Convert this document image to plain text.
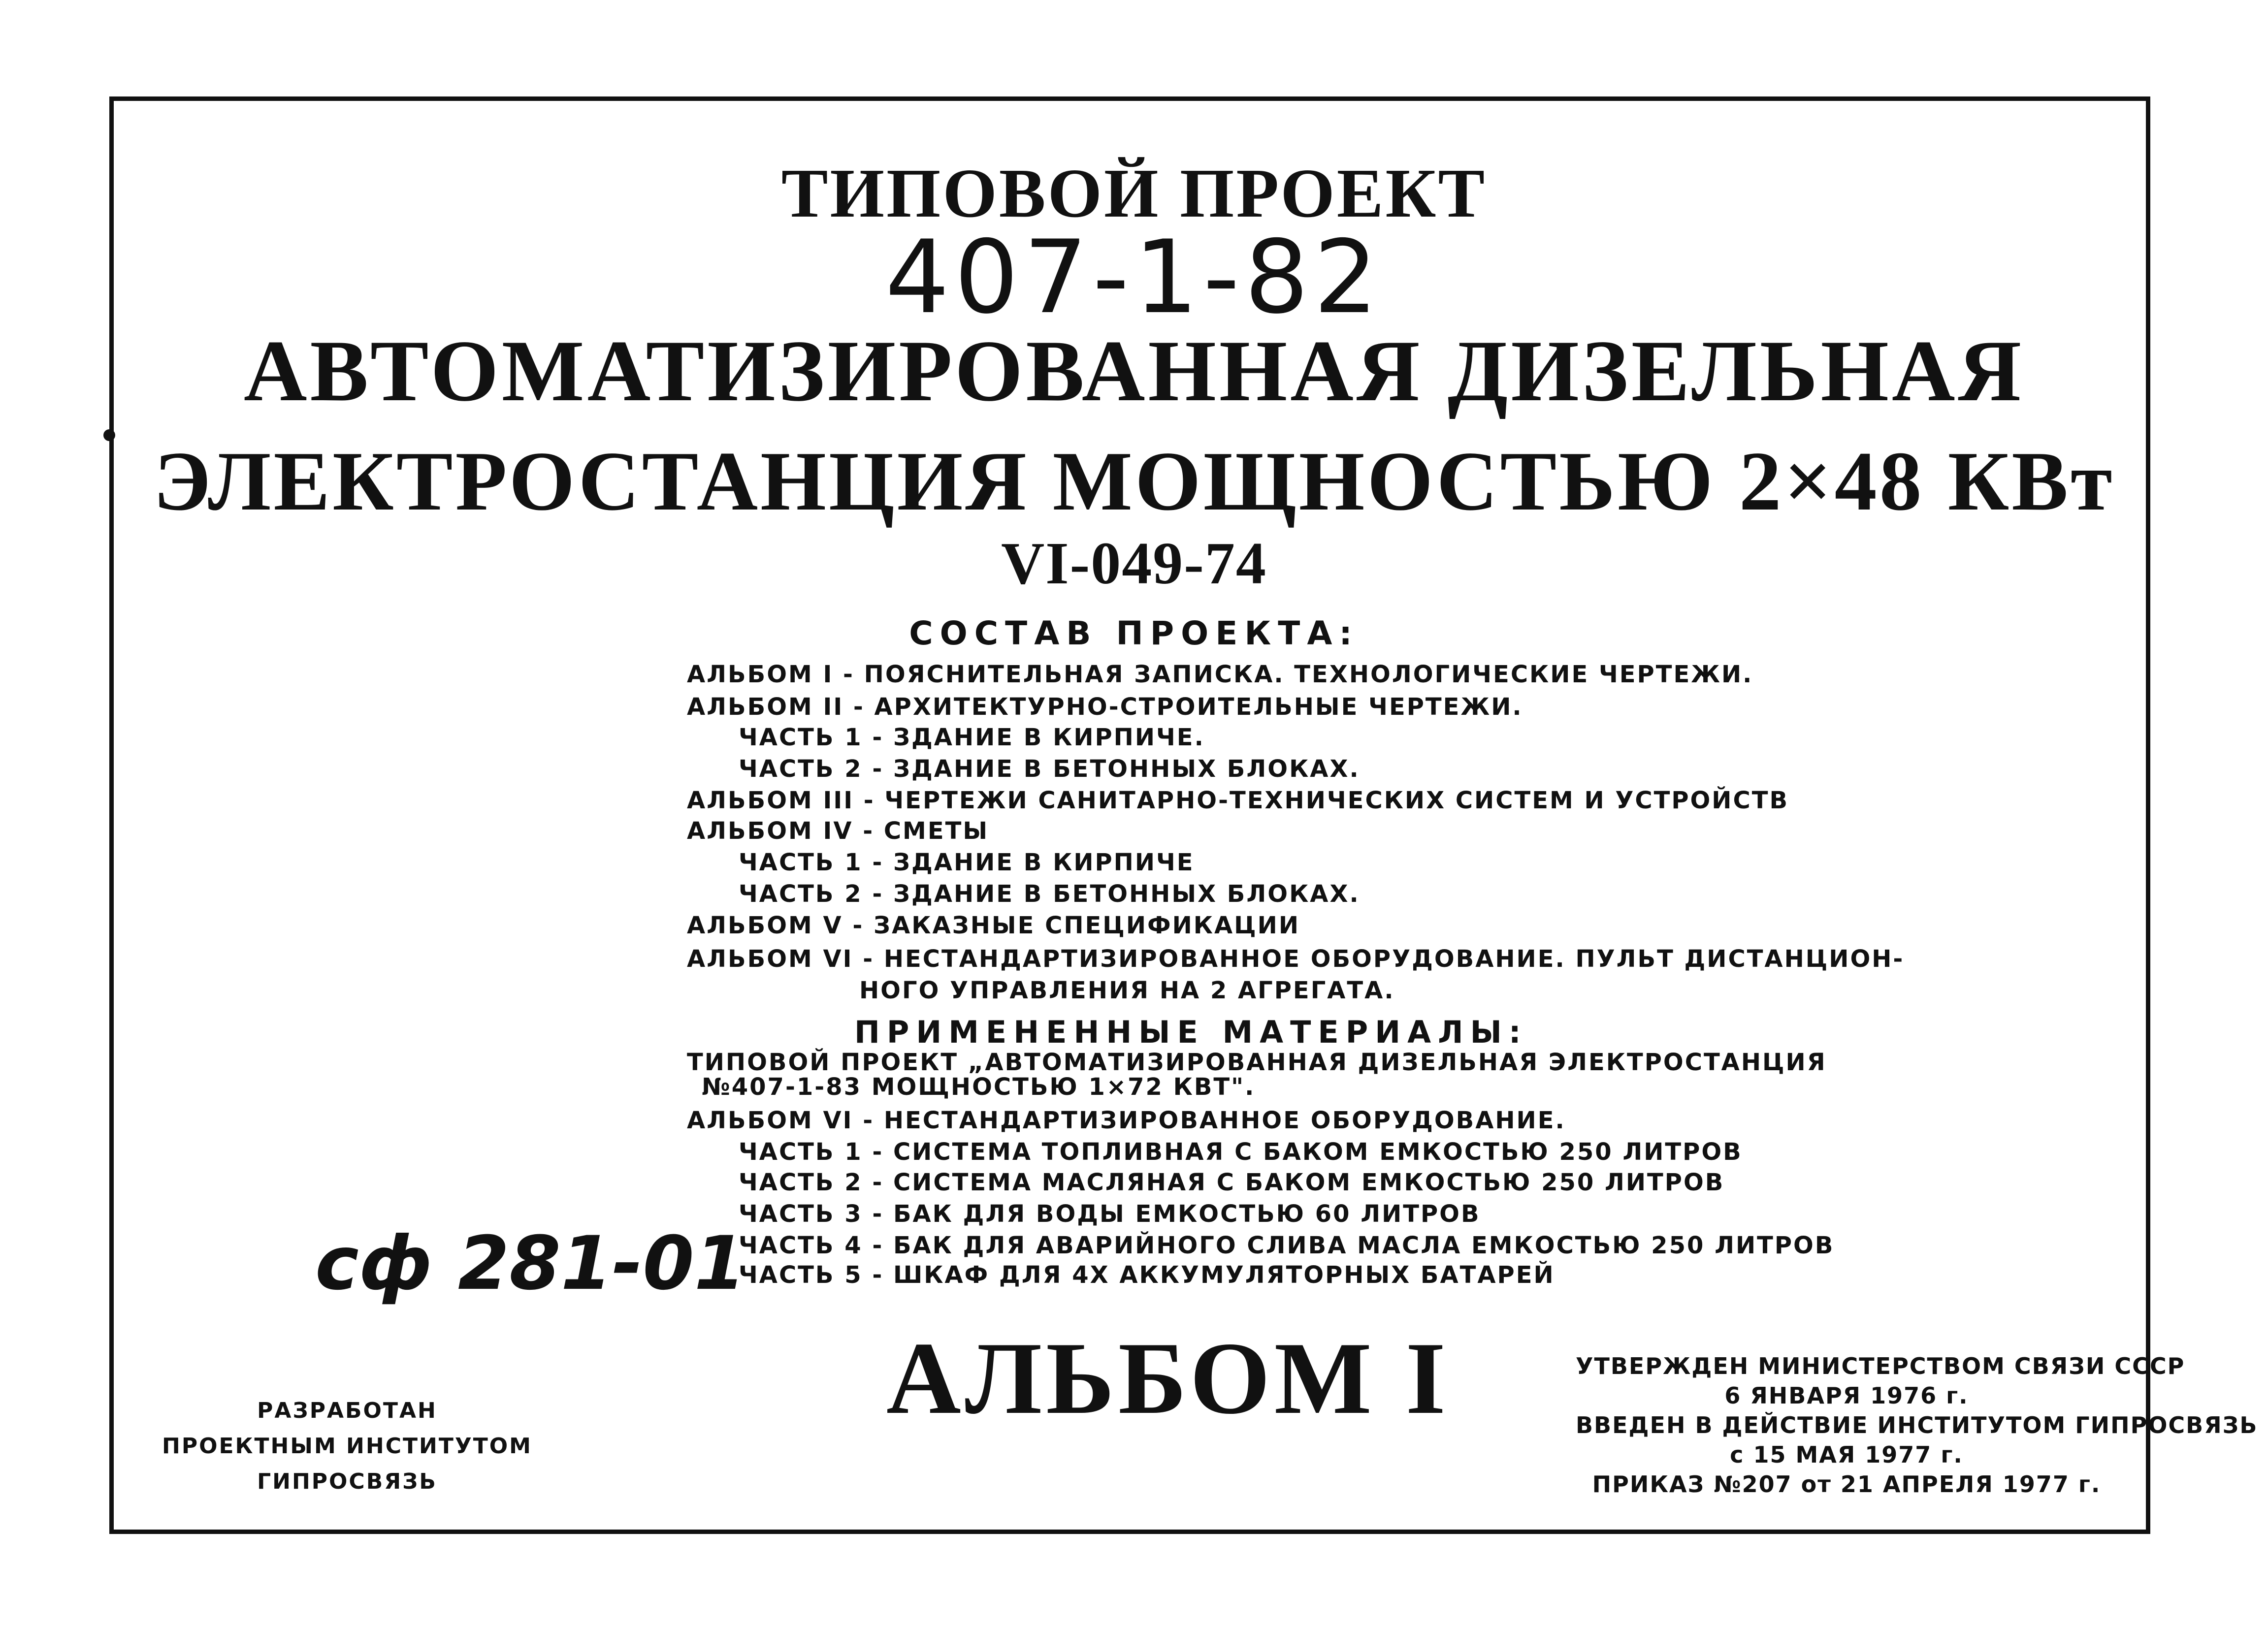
ТИПОВОЙ ПРОЕКТ
407-1-82
АВТОМАТИЗИРОВАННАЯ ДИЗЕЛЬНАЯ
ЭЛЕКТРОСТАНЦИЯ МОЩНОСТЬЮ 2×48 КВт
VI-049-74
СОСТАВ ПРОЕКТА:
АЛЬБОМ I - ПОЯСНИТЕЛЬНАЯ ЗАПИСКА. ТЕХНОЛОГИЧЕСКИЕ ЧЕРТЕЖИ.
АЛЬБОМ II - АРХИТЕКТУРНО-СТРОИТЕЛЬНЫЕ ЧЕРТЕЖИ.
ЧАСТЬ 1 - ЗДАНИЕ В КИРПИЧЕ.
ЧАСТЬ 2 - ЗДАНИЕ В БЕТОННЫХ БЛОКАХ.
АЛЬБОМ III - ЧЕРТЕЖИ САНИТАРНО-ТЕХНИЧЕСКИХ СИСТЕМ И УСТРОЙСТВ
АЛЬБОМ IV - СМЕТЫ
ЧАСТЬ 1 - ЗДАНИЕ В КИРПИЧЕ
ЧАСТЬ 2 - ЗДАНИЕ В БЕТОННЫХ БЛОКАХ.
АЛЬБОМ V - ЗАКАЗНЫЕ СПЕЦИФИКАЦИИ
АЛЬБОМ VI - НЕСТАНДАРТИЗИРОВАННОЕ ОБОРУДОВАНИЕ. ПУЛЬТ ДИСТАНЦИОН-
НОГО УПРАВЛЕНИЯ НА 2 АГРЕГАТА.
ПРИМЕНЕННЫЕ МАТЕРИАЛЫ:
ТИПОВОЙ ПРОЕКТ „АВТОМАТИЗИРОВАННАЯ ДИЗЕЛЬНАЯ ЭЛЕКТРОСТАНЦИЯ
№407-1-83 МОЩНОСТЬЮ 1×72 КВТ".
АЛЬБОМ VI - НЕСТАНДАРТИЗИРОВАННОЕ ОБОРУДОВАНИЕ.
ЧАСТЬ 1 - СИСТЕМА ТОПЛИВНАЯ С БАКОМ ЕМКОСТЬЮ 250 ЛИТРОВ
ЧАСТЬ 2 - СИСТЕМА МАСЛЯНАЯ С БАКОМ ЕМКОСТЬЮ 250 ЛИТРОВ
ЧАСТЬ 3 - БАК ДЛЯ ВОДЫ ЕМКОСТЬЮ 60 ЛИТРОВ
ЧАСТЬ 4 - БАК ДЛЯ АВАРИЙНОГО СЛИВА МАСЛА ЕМКОСТЬЮ 250 ЛИТРОВ
ЧАСТЬ 5 - ШКАФ ДЛЯ 4Х АККУМУЛЯТОРНЫХ БАТАРЕЙ
сф 281-01
АЛЬБОМ I
РАЗРАБОТАН
ПРОЕКТНЫМ ИНСТИТУТОМ
ГИПРОСВЯЗЬ
УТВЕРЖДЕН МИНИСТЕРСТВОМ СВЯЗИ СССР
6 ЯНВАРЯ 1976 г.
ВВЕДЕН В ДЕЙСТВИЕ ИНСТИТУТОМ ГИПРОСВЯЗЬ
с 15 МАЯ 1977 г.
ПРИКАЗ №207 от 21 АПРЕЛЯ 1977 г.
